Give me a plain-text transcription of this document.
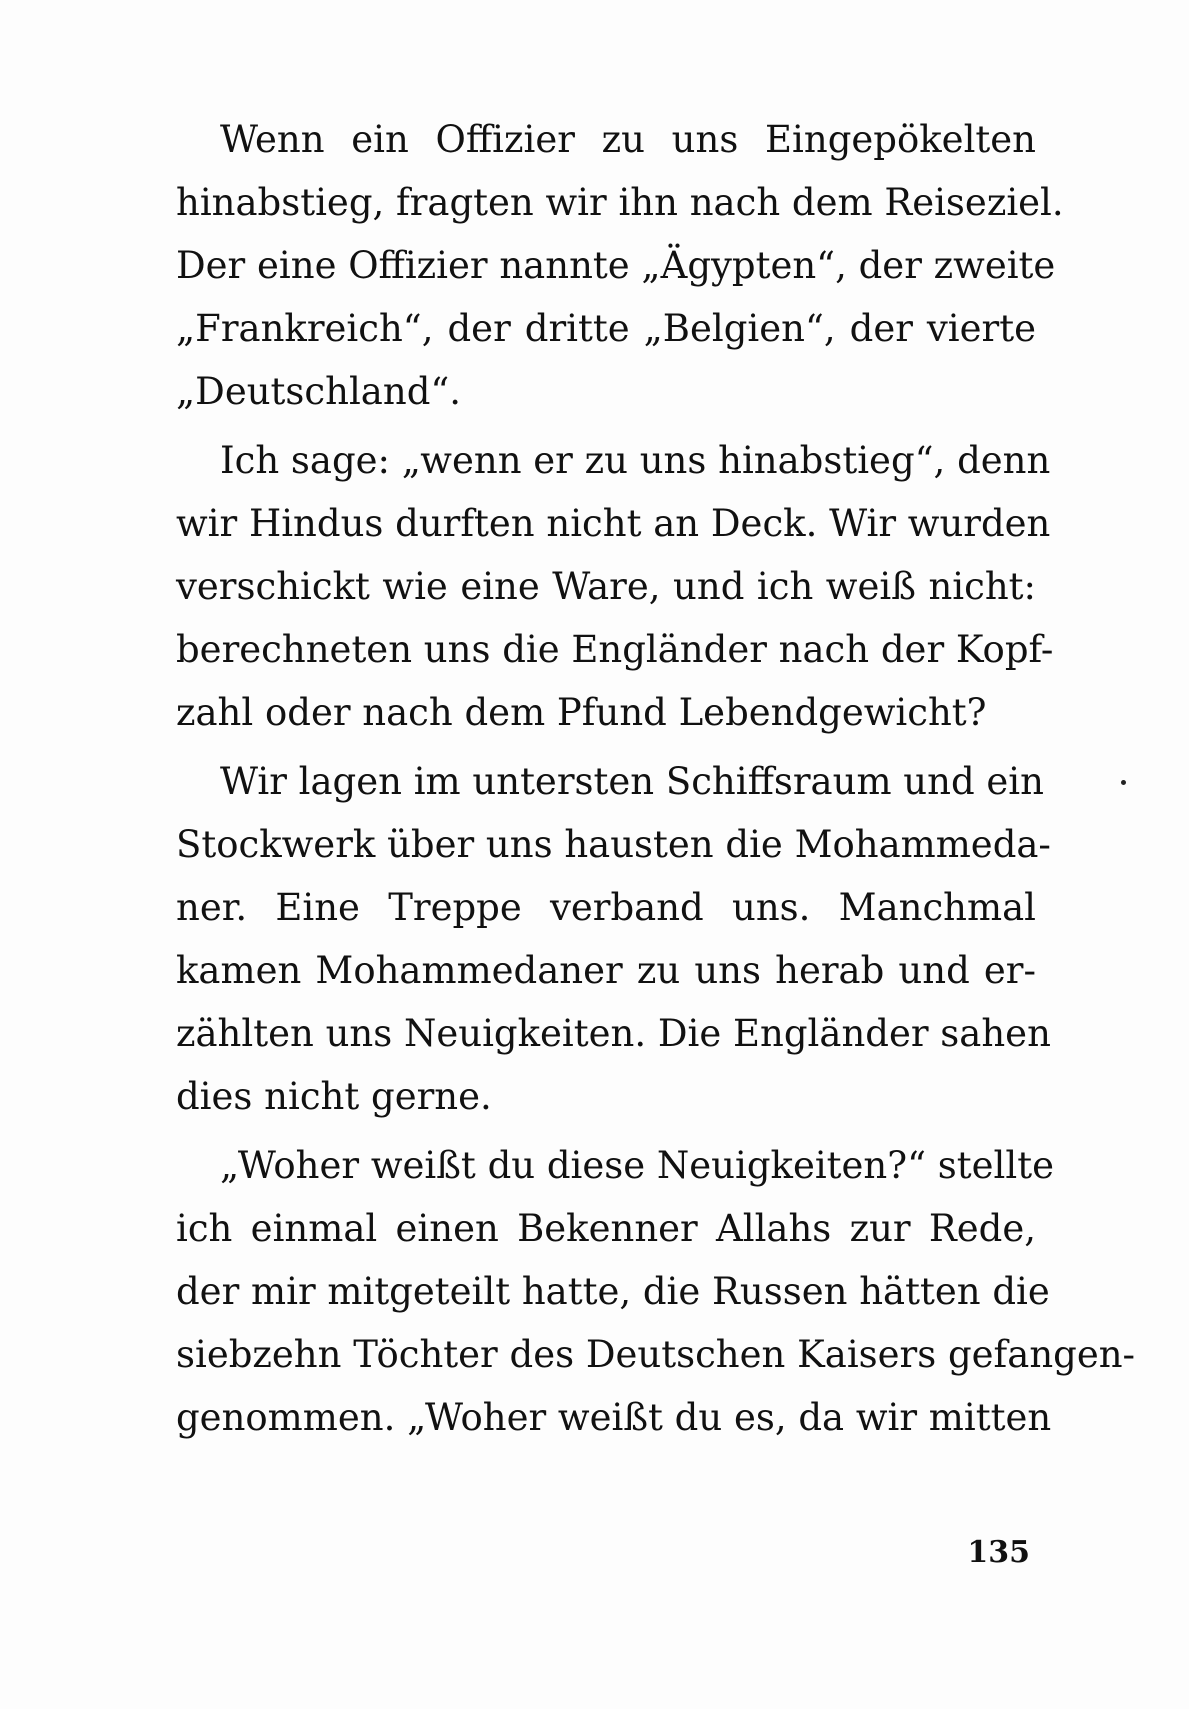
Wenn ein Offizier zu uns Eingepökelten
hinabstieg, fragten wir ihn nach dem Reiseziel.
Der eine Offizier nannte „Ägypten“, der zweite
„Frankreich“, der dritte „Belgien“, der vierte
„Deutschland“.
Ich sage: „wenn er zu uns hinabstieg“, denn
wir Hindus durften nicht an Deck. Wir wurden
verschickt wie eine Ware, und ich weiß nicht:
berechneten uns die Engländer nach der Kopf-
zahl oder nach dem Pfund Lebendgewicht?
Wir lagen im untersten Schiffsraum und ein
Stockwerk über uns hausten die Mohammeda-
ner. Eine Treppe verband uns. Manchmal
kamen Mohammedaner zu uns herab und er-
zählten uns Neuigkeiten. Die Engländer sahen
dies nicht gerne.
„Woher weißt du diese Neuigkeiten?“ stellte
ich einmal einen Bekenner Allahs zur Rede,
der mir mitgeteilt hatte, die Russen hätten die
siebzehn Töchter des Deutschen Kaisers gefangen-
genommen. „Woher weißt du es, da wir mitten
135
